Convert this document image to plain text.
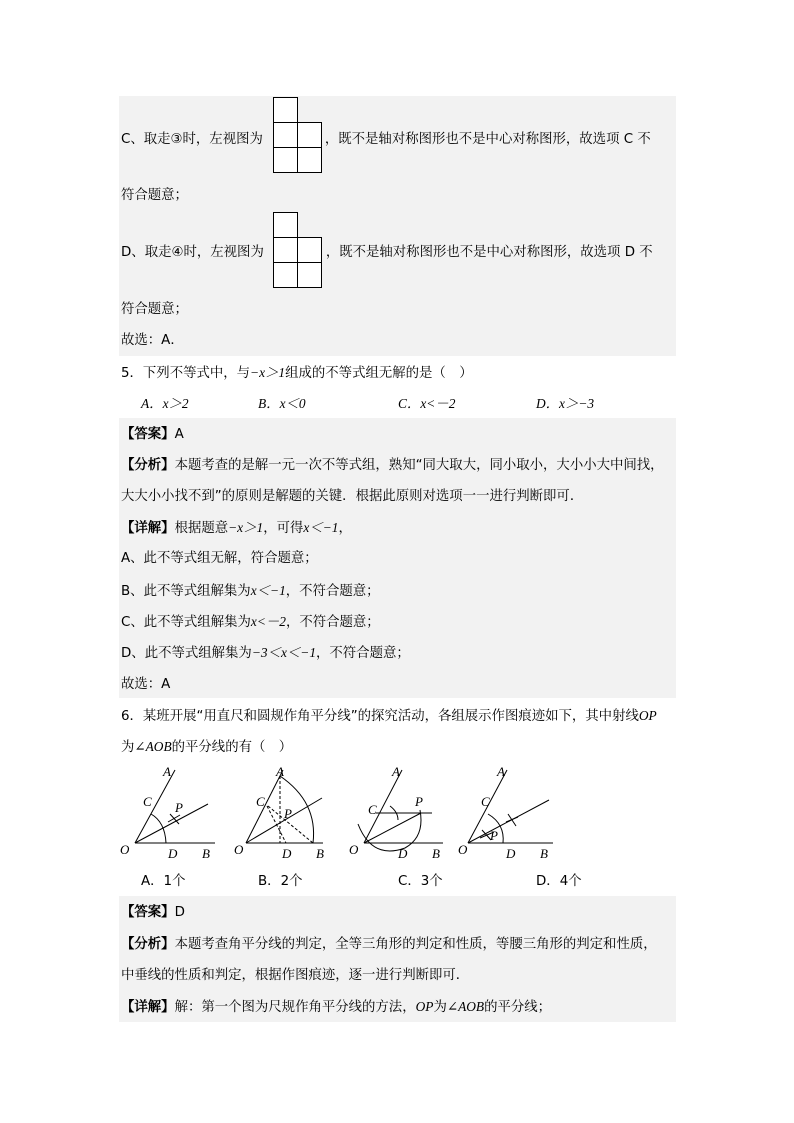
C、取走③时，左视图为	，既不是轴对称图形也不是中心对称图形，故选项 C 不
符合题意；
D、取走④时，左视图为	，既不是轴对称图形也不是中心对称图形，故选项 D 不
符合题意；
故选：A．
5．下列不等式中，与−x＞1组成的不等式组无解的是（　）
A．x＞2	B．x＜0	C．x<－2	D．x＞−3
【答案】A
【分析】本题考查的是解一元一次不等式组，熟知“同大取大，同小取小，大小小大中间找，
大大小小找不到”的原则是解题的关键．根据此原则对选项一一进行判断即可．
【详解】根据题意−x＞1，可得x＜−1，
A、此不等式组无解，符合题意；
B、此不等式组解集为x＜−1，不符合题意；
C、此不等式组解集为x<－2，不符合题意；
D、此不等式组解集为−3＜x＜−1，不符合题意；
故选：A
6．某班开展“用直尺和圆规作角平分线”的探究活动，各组展示作图痕迹如下，其中射线OP
为∠AOB的平分线的有（　）
A
C P
O	D B
A
C
P
O	D B
A
C
P
O	D B
A
C
P
O	D B
A．1个	B．2个	C．3个	D．4个
【答案】D
【分析】本题考查角平分线的判定，全等三角形的判定和性质，等腰三角形的判定和性质，
中垂线的性质和判定，根据作图痕迹，逐一进行判断即可．
【详解】解：第一个图为尺规作角平分线的方法，OP为∠AOB的平分线；
